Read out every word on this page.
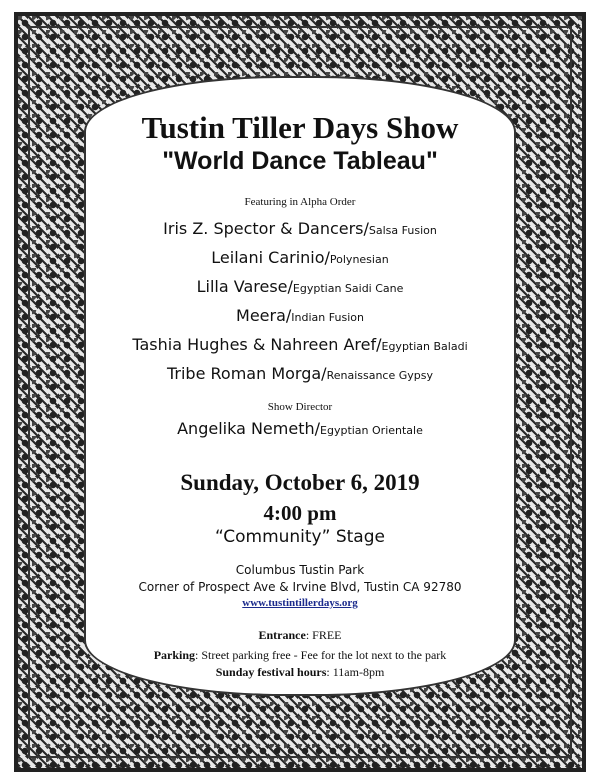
Tustin Tiller Days Show
"World Dance Tableau"
Featuring in Alpha Order
Iris Z. Spector & Dancers/Salsa Fusion
Leilani Carinio/Polynesian
Lilla Varese/Egyptian Saidi Cane
Meera/Indian Fusion
Tashia Hughes & Nahreen Aref/Egyptian Baladi
Tribe Roman Morga/Renaissance Gypsy
Show Director
Angelika Nemeth/Egyptian Orientale
Sunday, October 6, 2019
4:00 pm
“Community” Stage
Columbus Tustin Park
Corner of Prospect Ave & Irvine Blvd, Tustin CA 92780
www.tustintillerdays.org
Entrance: FREE
Parking: Street parking free - Fee for the lot next to the park
Sunday festival hours: 11am-8pm
